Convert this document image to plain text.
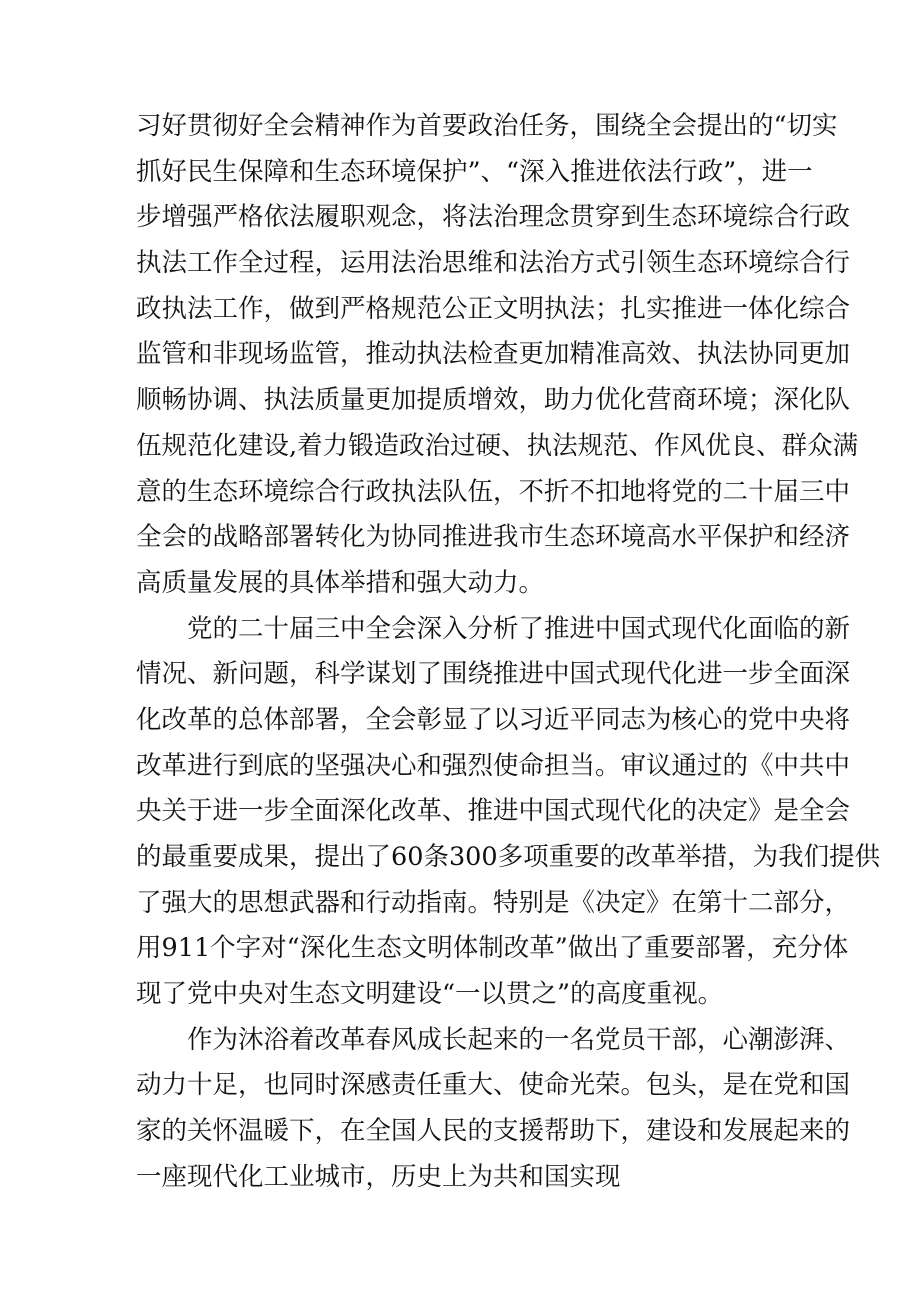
习好贯彻好全会精神作为首要政治任务，围绕全会提出的“切实
抓好民生保障和生态环境保护”、“深入推进依法行政”，进一
步增强严格依法履职观念，将法治理念贯穿到生态环境综合行政
执法工作全过程，运用法治思维和法治方式引领生态环境综合行
政执法工作，做到严格规范公正文明执法；扎实推进一体化综合
监管和非现场监管，推动执法检查更加精准高效、执法协同更加
顺畅协调、执法质量更加提质增效，助力优化营商环境；深化队
伍规范化建设,着力锻造政治过硬、执法规范、作风优良、群众满
意的生态环境综合行政执法队伍，不折不扣地将党的二十届三中
全会的战略部署转化为协同推进我市生态环境高水平保护和经济
高质量发展的具体举措和强大动力。
党的二十届三中全会深入分析了推进中国式现代化面临的新
情况、新问题，科学谋划了围绕推进中国式现代化进一步全面深
化改革的总体部署，全会彰显了以习近平同志为核心的党中央将
改革进行到底的坚强决心和强烈使命担当。审议通过的《中共中
央关于进一步全面深化改革、推进中国式现代化的决定》是全会
的最重要成果，提出了60条300多项重要的改革举措，为我们提供
了强大的思想武器和行动指南。特别是《决定》在第十二部分，
用911个字对“深化生态文明体制改革”做出了重要部署，充分体
现了党中央对生态文明建设“一以贯之”的高度重视。
作为沐浴着改革春风成长起来的一名党员干部，心潮澎湃、
动力十足，也同时深感责任重大、使命光荣。包头，是在党和国
家的关怀温暖下，在全国人民的支援帮助下，建设和发展起来的
一座现代化工业城市，历史上为共和国实现
